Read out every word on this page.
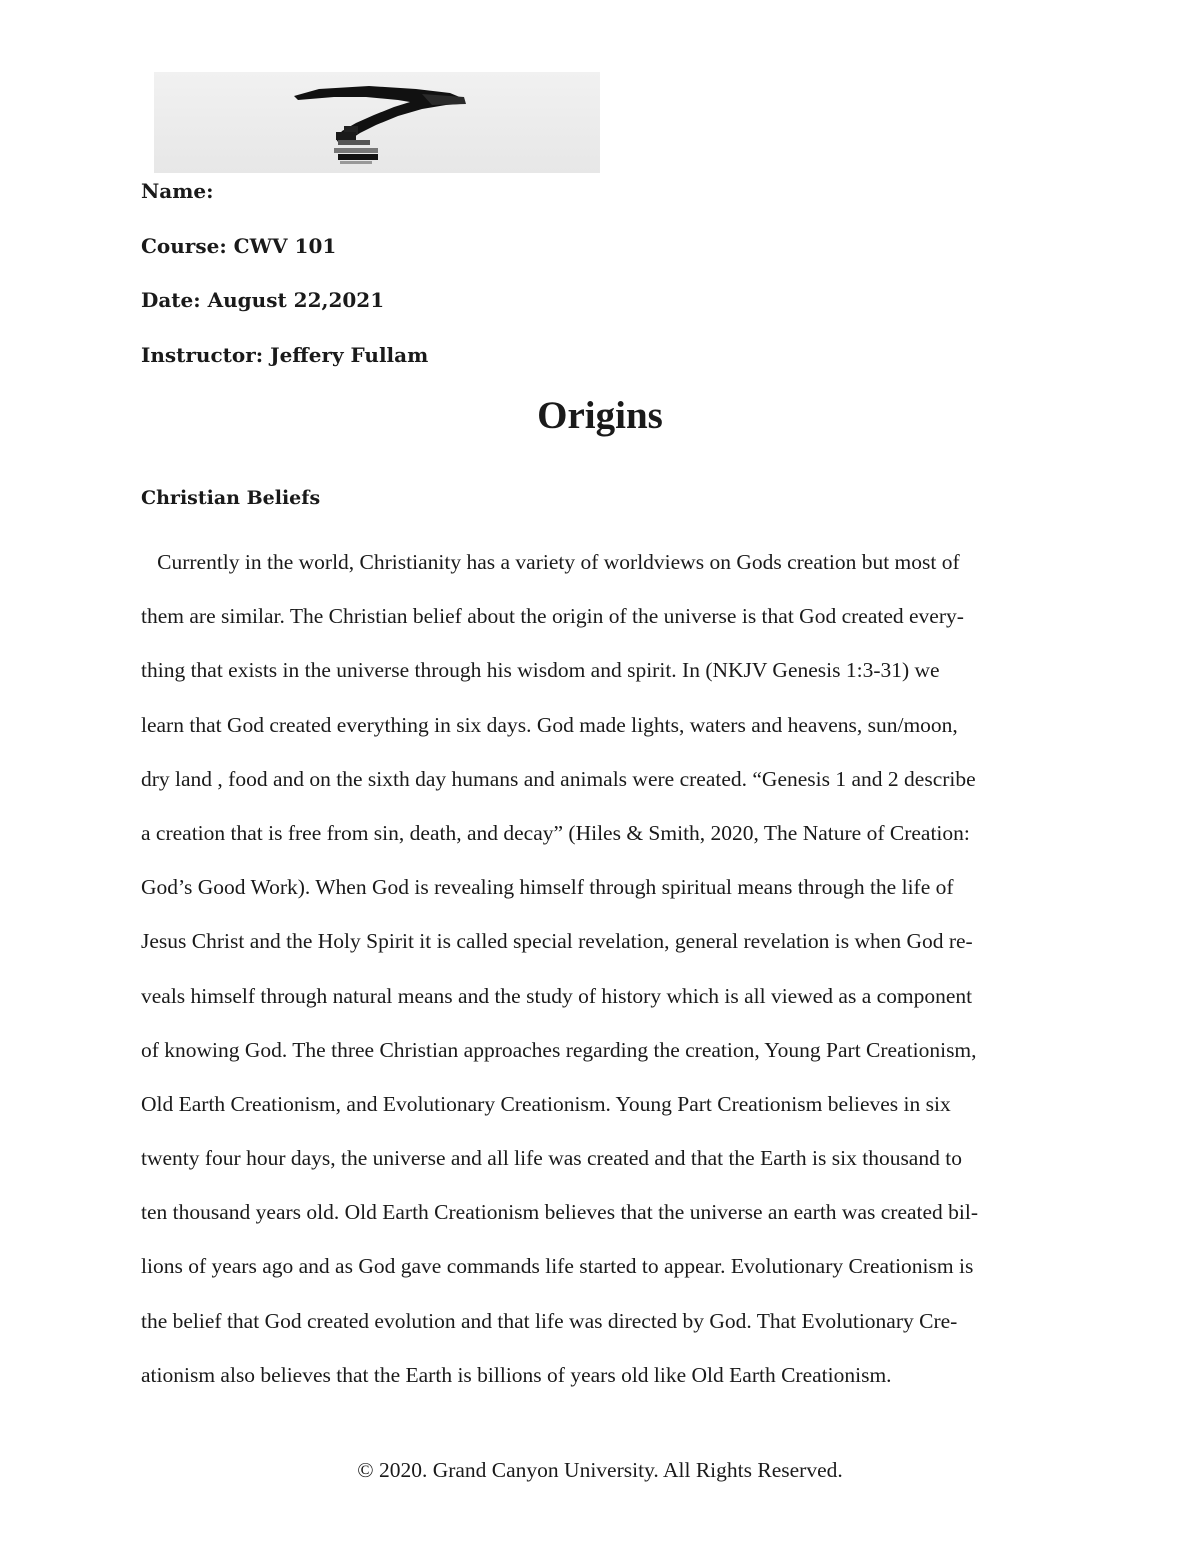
Name:
Course: CWV 101
Date: August 22,2021
Instructor: Jeffery Fullam
Origins
Christian Beliefs
Currently in the world, Christianity has a variety of worldviews on Gods creation but most of
them are similar. The Christian belief about the origin of the universe is that God created every-
thing that exists in the universe through his wisdom and spirit. In (NKJV Genesis 1:3-31) we
learn that God created everything in six days. God made lights, waters and heavens, sun/moon,
dry land , food and on the sixth day humans and animals were created. “Genesis 1 and 2 describe
a creation that is free from sin, death, and decay” (Hiles & Smith, 2020, The Nature of Creation:
God’s Good Work). When God is revealing himself through spiritual means through the life of
Jesus Christ and the Holy Spirit it is called special revelation, general revelation is when God re-
veals himself through natural means and the study of history which is all viewed as a component
of knowing God. The three Christian approaches regarding the creation, Young Part Creationism,
Old Earth Creationism, and Evolutionary Creationism. Young Part Creationism believes in six
twenty four hour days, the universe and all life was created and that the Earth is six thousand to
ten thousand years old. Old Earth Creationism believes that the universe an earth was created bil-
lions of years ago and as God gave commands life started to appear. Evolutionary Creationism is
the belief that God created evolution and that life was directed by God. That Evolutionary Cre-
ationism also believes that the Earth is billions of years old like Old Earth Creationism.
© 2020. Grand Canyon University. All Rights Reserved.
